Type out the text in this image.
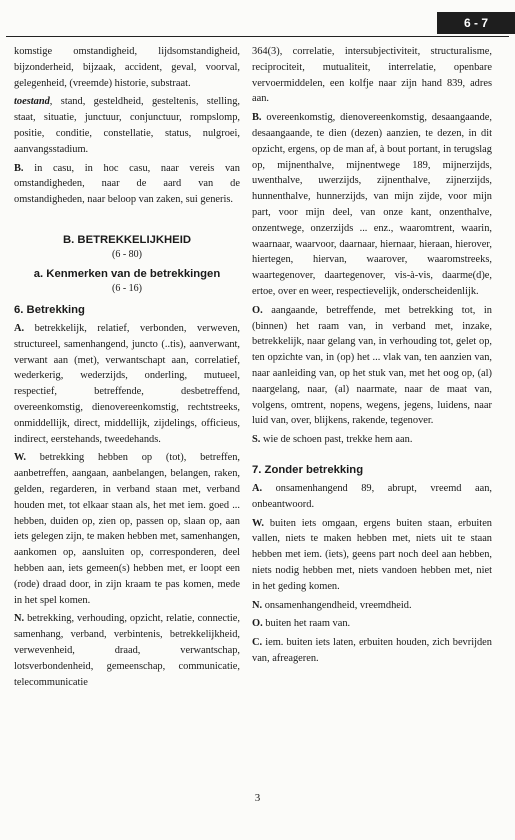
6 - 7

komstige omstandigheid, lijdsomstandigheid, bijzonderheid, bijzaak, accident, geval, voorval, gelegenheid, (vreemde) historie, substraat.

toestand, stand, gesteldheid, gesteltenis, stelling, staat, situatie, junctuur, conjunctuur, rompslomp, positie, conditie, constellatie, status, nulgroei, aanvangsstadium.

B. in casu, in hoc casu, naar vereis van omstandigheden, naar de aard van de omstandigheden, naar beloop van zaken, sui generis.

B. BETREKKELIJKHEID
(6 - 80)
a. Kenmerken van de betrekkingen
(6 - 16)
6. Betrekking

A. betrekkelijk, relatief, verbonden, verweven, structureel, samenhangend, juncto (..tis), aanverwant, verwant aan (met), verwantschapt aan, correlatief, wederkerig, wederzijds, onderling, mutueel, respectief, betreffende, desbetreffend, overeenkomstig, dienovereenkomstig, rechtstreeks, onmiddellijk, direct, middellijk, zijdelings, officieus, indirect, eerstehands, tweedehands.

W. betrekking hebben op (tot), betreffen, aanbetreffen, aangaan, aanbelangen, belangen, raken, gelden, regarderen, in verband staan met, verband houden met, tot elkaar staan als, het met iem. goed ... hebben, duiden op, zien op, passen op, slaan op, aan iets gelegen zijn, te maken hebben met, samenhangen, aankomen op, aansluiten op, corresponderen, deel hebben aan, iets gemeen(s) hebben met, er loopt een (rode) draad door, in zijn kraam te pas komen, mede in het spel komen.

N. betrekking, verhouding, opzicht, relatie, connectie, samenhang, verband, verbintenis, betrekkelijkheid, verwevenheid, draad, verwantschap, lotsverbondenheid, gemeenschap, communicatie, telecommunicatie

364(3), correlatie, intersubjectiviteit, structuralisme, reciprociteit, mutualiteit, interrelatie, openbare vervoermiddelen, een kolfje naar zijn hand 839, adres aan.

B. overeenkomstig, dienovereenkomstig, desaangaande, desaangaande, te dien (dezen) aanzien, te dezen, in dit opzicht, ergens, op de man af, à bout portant, in terugslag op, mijnenthalve, mijnentwege 189, mijnerzijds, uwenthalve, uwerzijds, zijnenthalve, zijnerzijds, hunnenthalve, hunnerzijds, van mijn zijde, voor mijn part, voor mijn deel, van onze kant, onzenthalve, onzentwege, onzerzijds ... enz., waaromtrent, waarin, waarnaar, waarvoor, daarnaar, hiernaar, hieraan, hierover, hiertegen, hiervan, waarover, waaromstreeks, waartegenover, daartegenover, vis-à-vis, daarme(d)e, ertoe, over en weer, respectievelijk, onderscheidenlijk.

O. aangaande, betreffende, met betrekking tot, in (binnen) het raam van, in verband met, inzake, betrekkelijk, naar gelang van, in verhouding tot, gelet op, ten opzichte van, in (op) het ... vlak van, ten aanzien van, naar aanleiding van, op het stuk van, met het oog op, (al) naargelang, naar, (al) naarmate, naar de maat van, volgens, omtrent, nopens, wegens, jegens, luidens, naar luid van, over, blijkens, rakende, tegenover.

S. wie de schoen past, trekke hem aan.

7. Zonder betrekking

A. onsamenhangend 89, abrupt, vreemd aan, onbeantwoord.

W. buiten iets omgaan, ergens buiten staan, erbuiten vallen, niets te maken hebben met, niets uit te staan hebben met iem. (iets), geens part noch deel aan hebben, niets nodig hebben met, niets vandoen hebben met, niet in het geding komen.

N. onsamenhangendheid, vreemdheid.

O. buiten het raam van.

C. iem. buiten iets laten, erbuiten houden, zich bevrijden van, afreageren.

3
